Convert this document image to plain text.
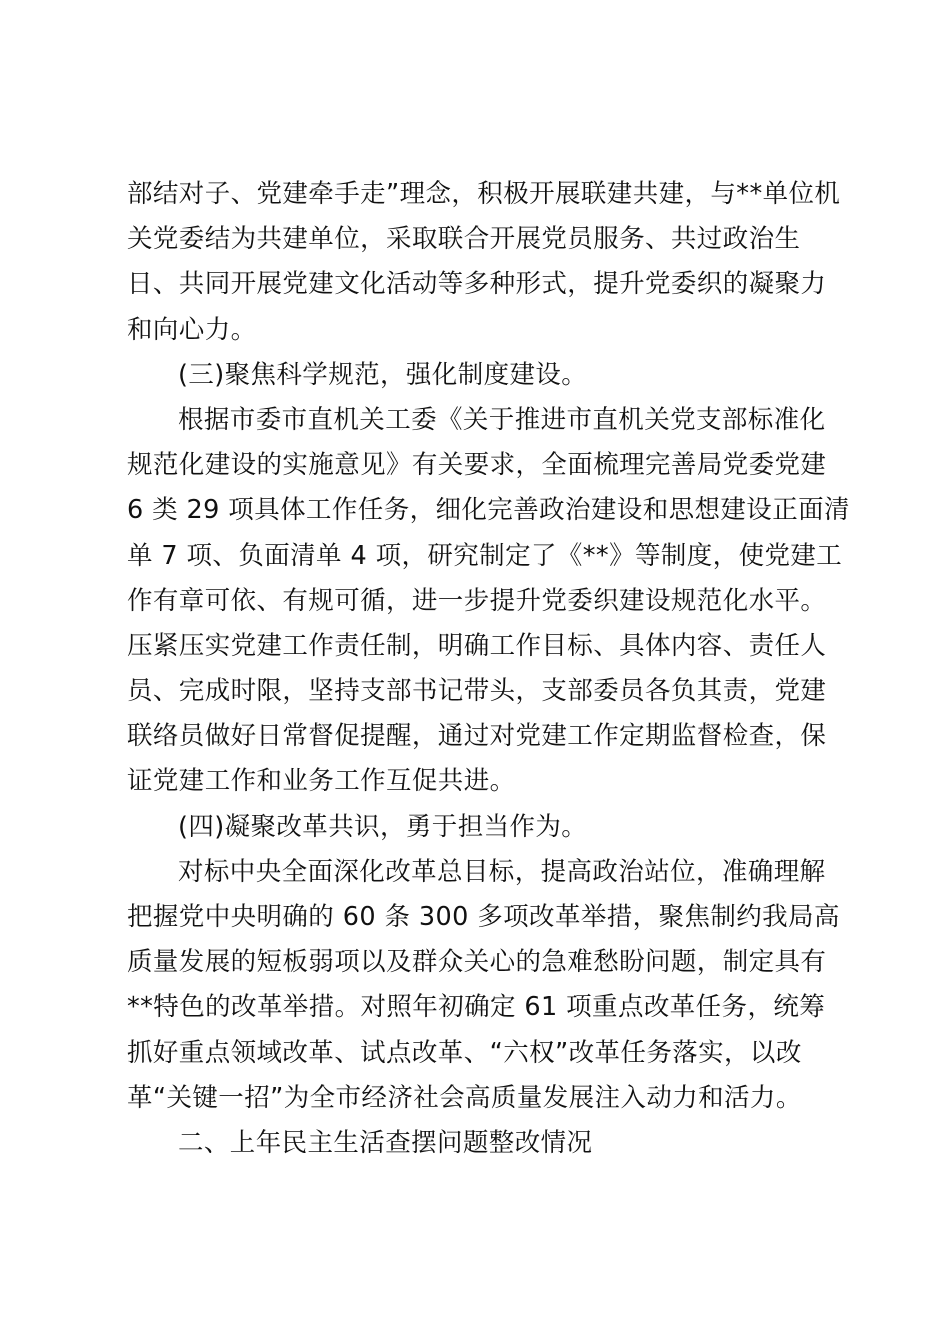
部结对子、党建牵手走”理念，积极开展联建共建，与**单位机
关党委结为共建单位，采取联合开展党员服务、共过政治生
日、共同开展党建文化活动等多种形式，提升党委织的凝聚力
和向心力。
(三)聚焦科学规范，强化制度建设。
根据市委市直机关工委《关于推进市直机关党支部标准化
规范化建设的实施意见》有关要求，全面梳理完善局党委党建
6 类 29 项具体工作任务，细化完善政治建设和思想建设正面清
单 7 项、负面清单 4 项，研究制定了《**》等制度，使党建工
作有章可依、有规可循，进一步提升党委织建设规范化水平。
压紧压实党建工作责任制，明确工作目标、具体内容、责任人
员、完成时限，坚持支部书记带头，支部委员各负其责，党建
联络员做好日常督促提醒，通过对党建工作定期监督检查，保
证党建工作和业务工作互促共进。
(四)凝聚改革共识，勇于担当作为。
对标中央全面深化改革总目标，提高政治站位，准确理解
把握党中央明确的 60 条 300 多项改革举措，聚焦制约我局高
质量发展的短板弱项以及群众关心的急难愁盼问题，制定具有
**特色的改革举措。对照年初确定 61 项重点改革任务，统筹
抓好重点领域改革、试点改革、“六权”改革任务落实，以改
革“关键一招”为全市经济社会高质量发展注入动力和活力。
二、上年民主生活查摆问题整改情况
